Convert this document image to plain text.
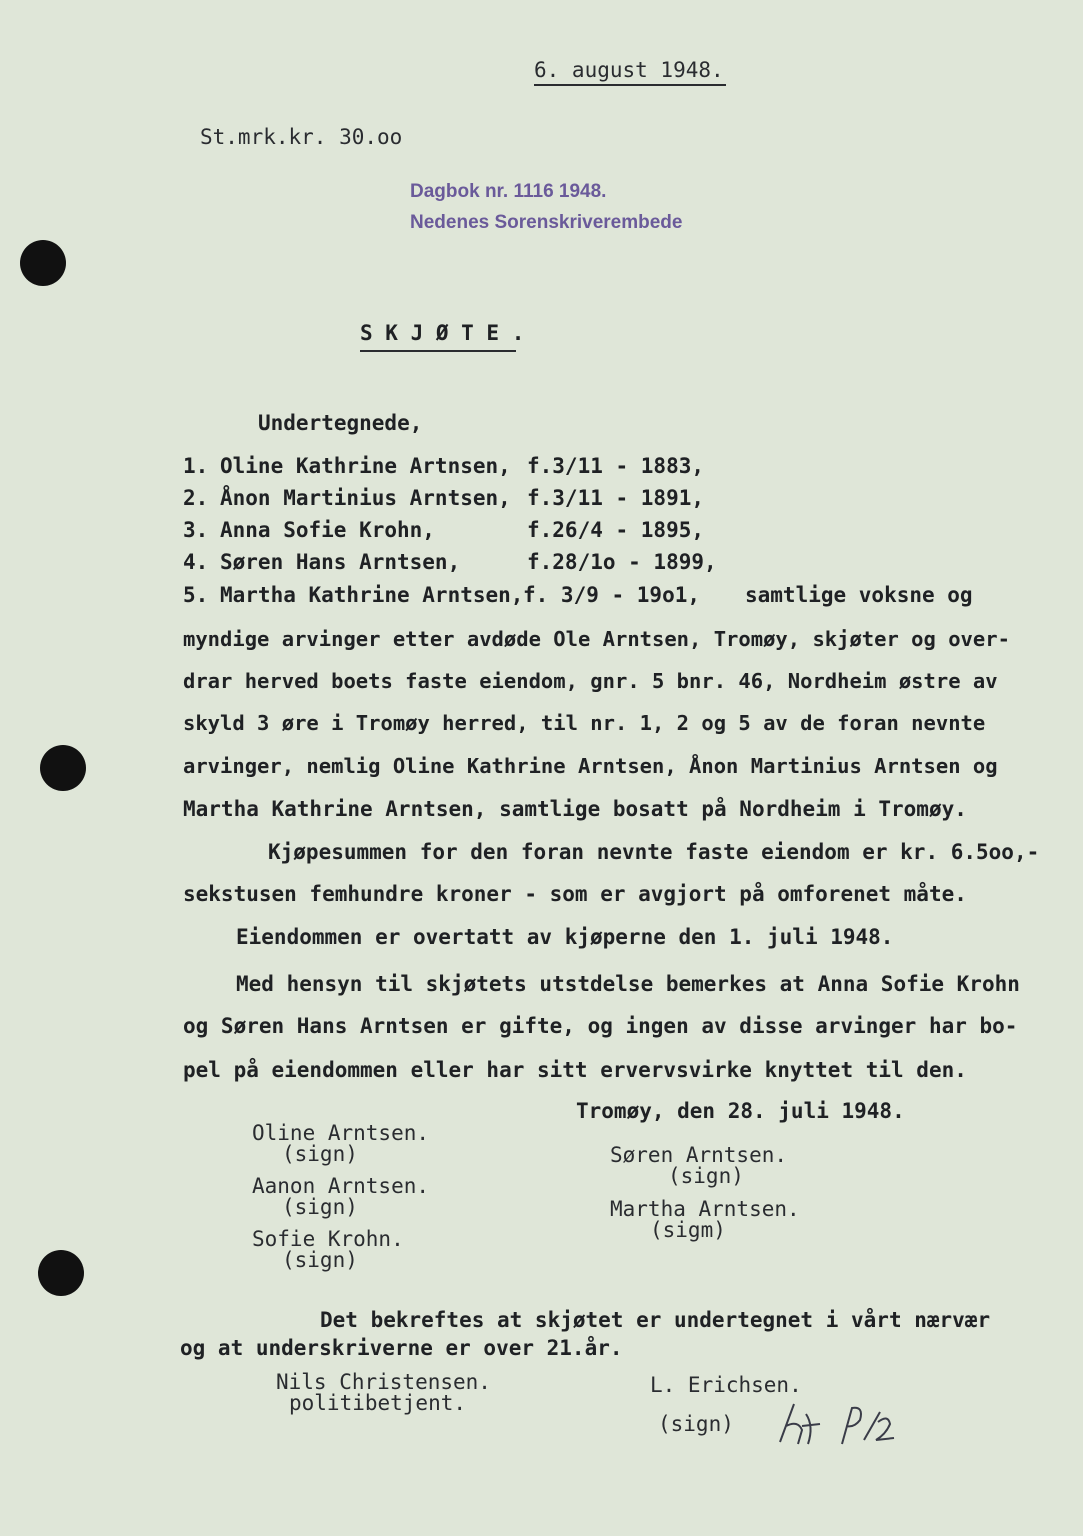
6. august 1948.
St.mrk.kr. 30.oo
Dagbok nr. 1116 1948.
Nedenes Sorenskriverembede
S K J Ø T E .
Undertegnede,
1. Oline Kathrine Artnsen, f.3/11 - 1883,
2. Ånon Martinius Arntsen, f.3/11 - 1891,
3. Anna Sofie Krohn,	f.26/4 - 1895,
4. Søren Hans Arntsen,	f.28/1o - 1899,
5. Martha Kathrine Arntsen, f. 3/9 - 19o1, samtlige voksne og
myndige arvinger etter avdøde Ole Arntsen, Tromøy, skjøter og over-
drar herved boets faste eiendom, gnr. 5 bnr. 46, Nordheim østre av
skyld 3 øre i Tromøy herred, til nr. 1, 2 og 5 av de foran nevnte
arvinger, nemlig Oline Kathrine Arntsen, Ånon Martinius Arntsen og
Martha Kathrine Arntsen, samtlige bosatt på Nordheim i Tromøy.
Kjøpesummen for den foran nevnte faste eiendom er kr. 6.5oo,-
sekstusen femhundre kroner - som er avgjort på omforenet måte.
Eiendommen er overtatt av kjøperne den 1. juli 1948.
Med hensyn til skjøtets utstdelse bemerkes at Anna Sofie Krohn
og Søren Hans Arntsen er gifte, og ingen av disse arvinger har bo-
pel på eiendommen eller har sitt ervervsvirke knyttet til den.
Tromøy, den 28. juli 1948.
Oline Arntsen.
(sign)
Aanon Arntsen.
(sign)
Sofie Krohn.
(sign)
Søren Arntsen.
(sign)
Martha Arntsen.
(sigm)
Det bekreftes at skjøtet er undertegnet i vårt nærvær
og at underskriverne er over 21.år.
Nils Christensen.
politibetjent.
L. Erichsen.
(sign)
